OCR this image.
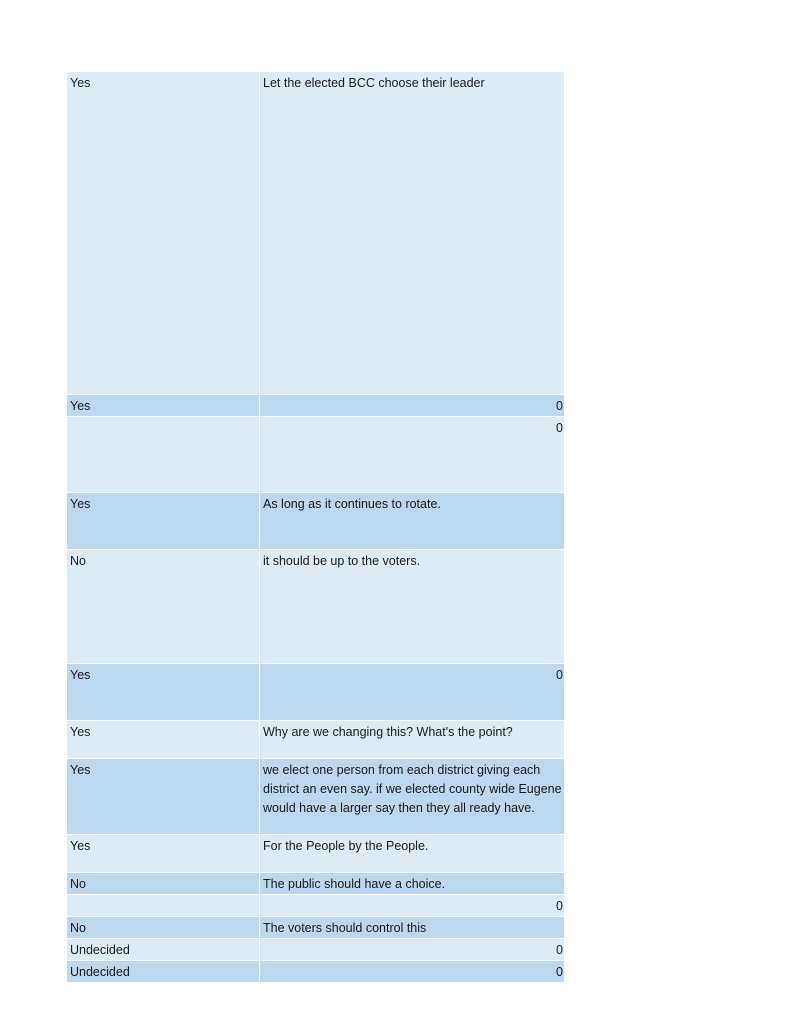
Yes	Let the elected BCC choose their leader
Yes	0
	0
Yes	As long as it continues to rotate.
No	it should be up to the voters.
Yes	0
Yes	Why are we changing this? What's the point?
Yes	we elect one person from each district giving each district an even say. if we elected county wide Eugene would have a larger say then they all ready have.
Yes	For the People by the People.
No	The public should have a choice.
	0
No	The voters should control this
Undecided	0
Undecided	0
